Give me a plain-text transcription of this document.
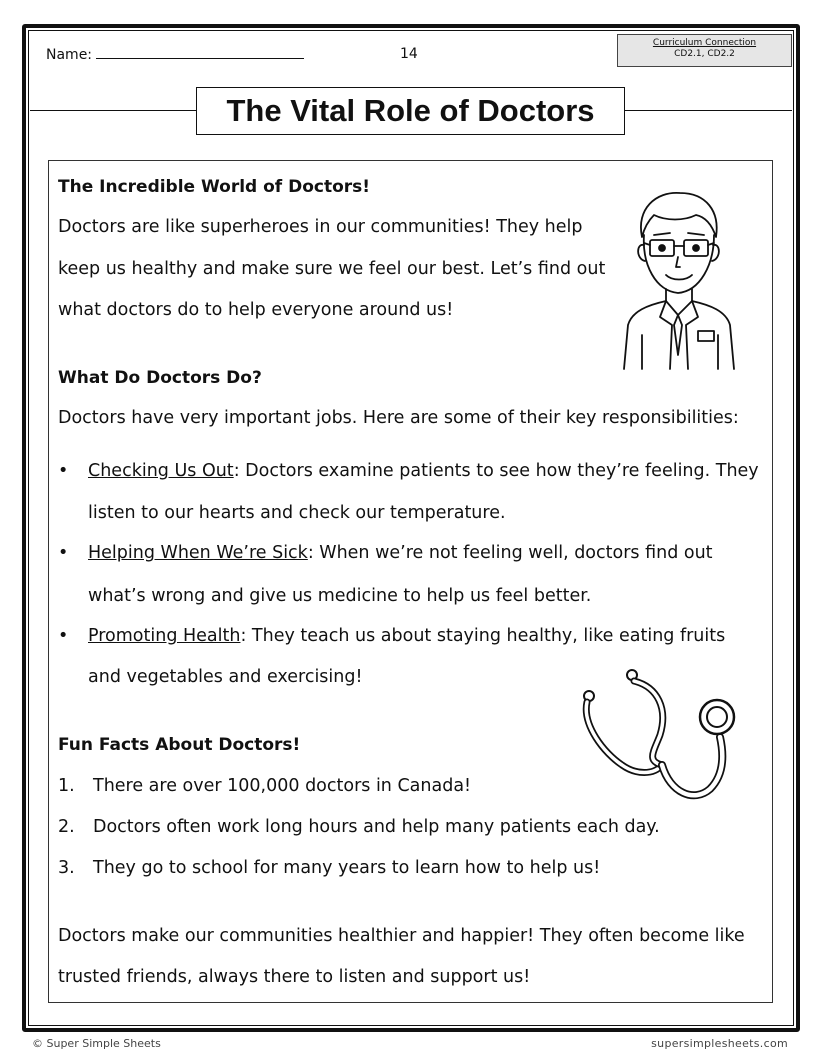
Name:	14
Curriculum Connection
CD2.1, CD2.2
The Vital Role of Doctors
The Incredible World of Doctors!
Doctors are like superheroes in our communities! They help
keep us healthy and make sure we feel our best. Let’s find out
what doctors do to help everyone around us!
What Do Doctors Do?
Doctors have very important jobs. Here are some of their key responsibilities:
• Checking Us Out: Doctors examine patients to see how they’re feeling. They
listen to our hearts and check our temperature.
• Helping When We’re Sick: When we’re not feeling well, doctors find out
what’s wrong and give us medicine to help us feel better.
• Promoting Health: They teach us about staying healthy, like eating fruits
and vegetables and exercising!
Fun Facts About Doctors!
1. There are over 100,000 doctors in Canada!
2. Doctors often work long hours and help many patients each day.
3. They go to school for many years to learn how to help us!
Doctors make our communities healthier and happier! They often become like
trusted friends, always there to listen and support us!
© Super Simple Sheets	supersimplesheets.com
